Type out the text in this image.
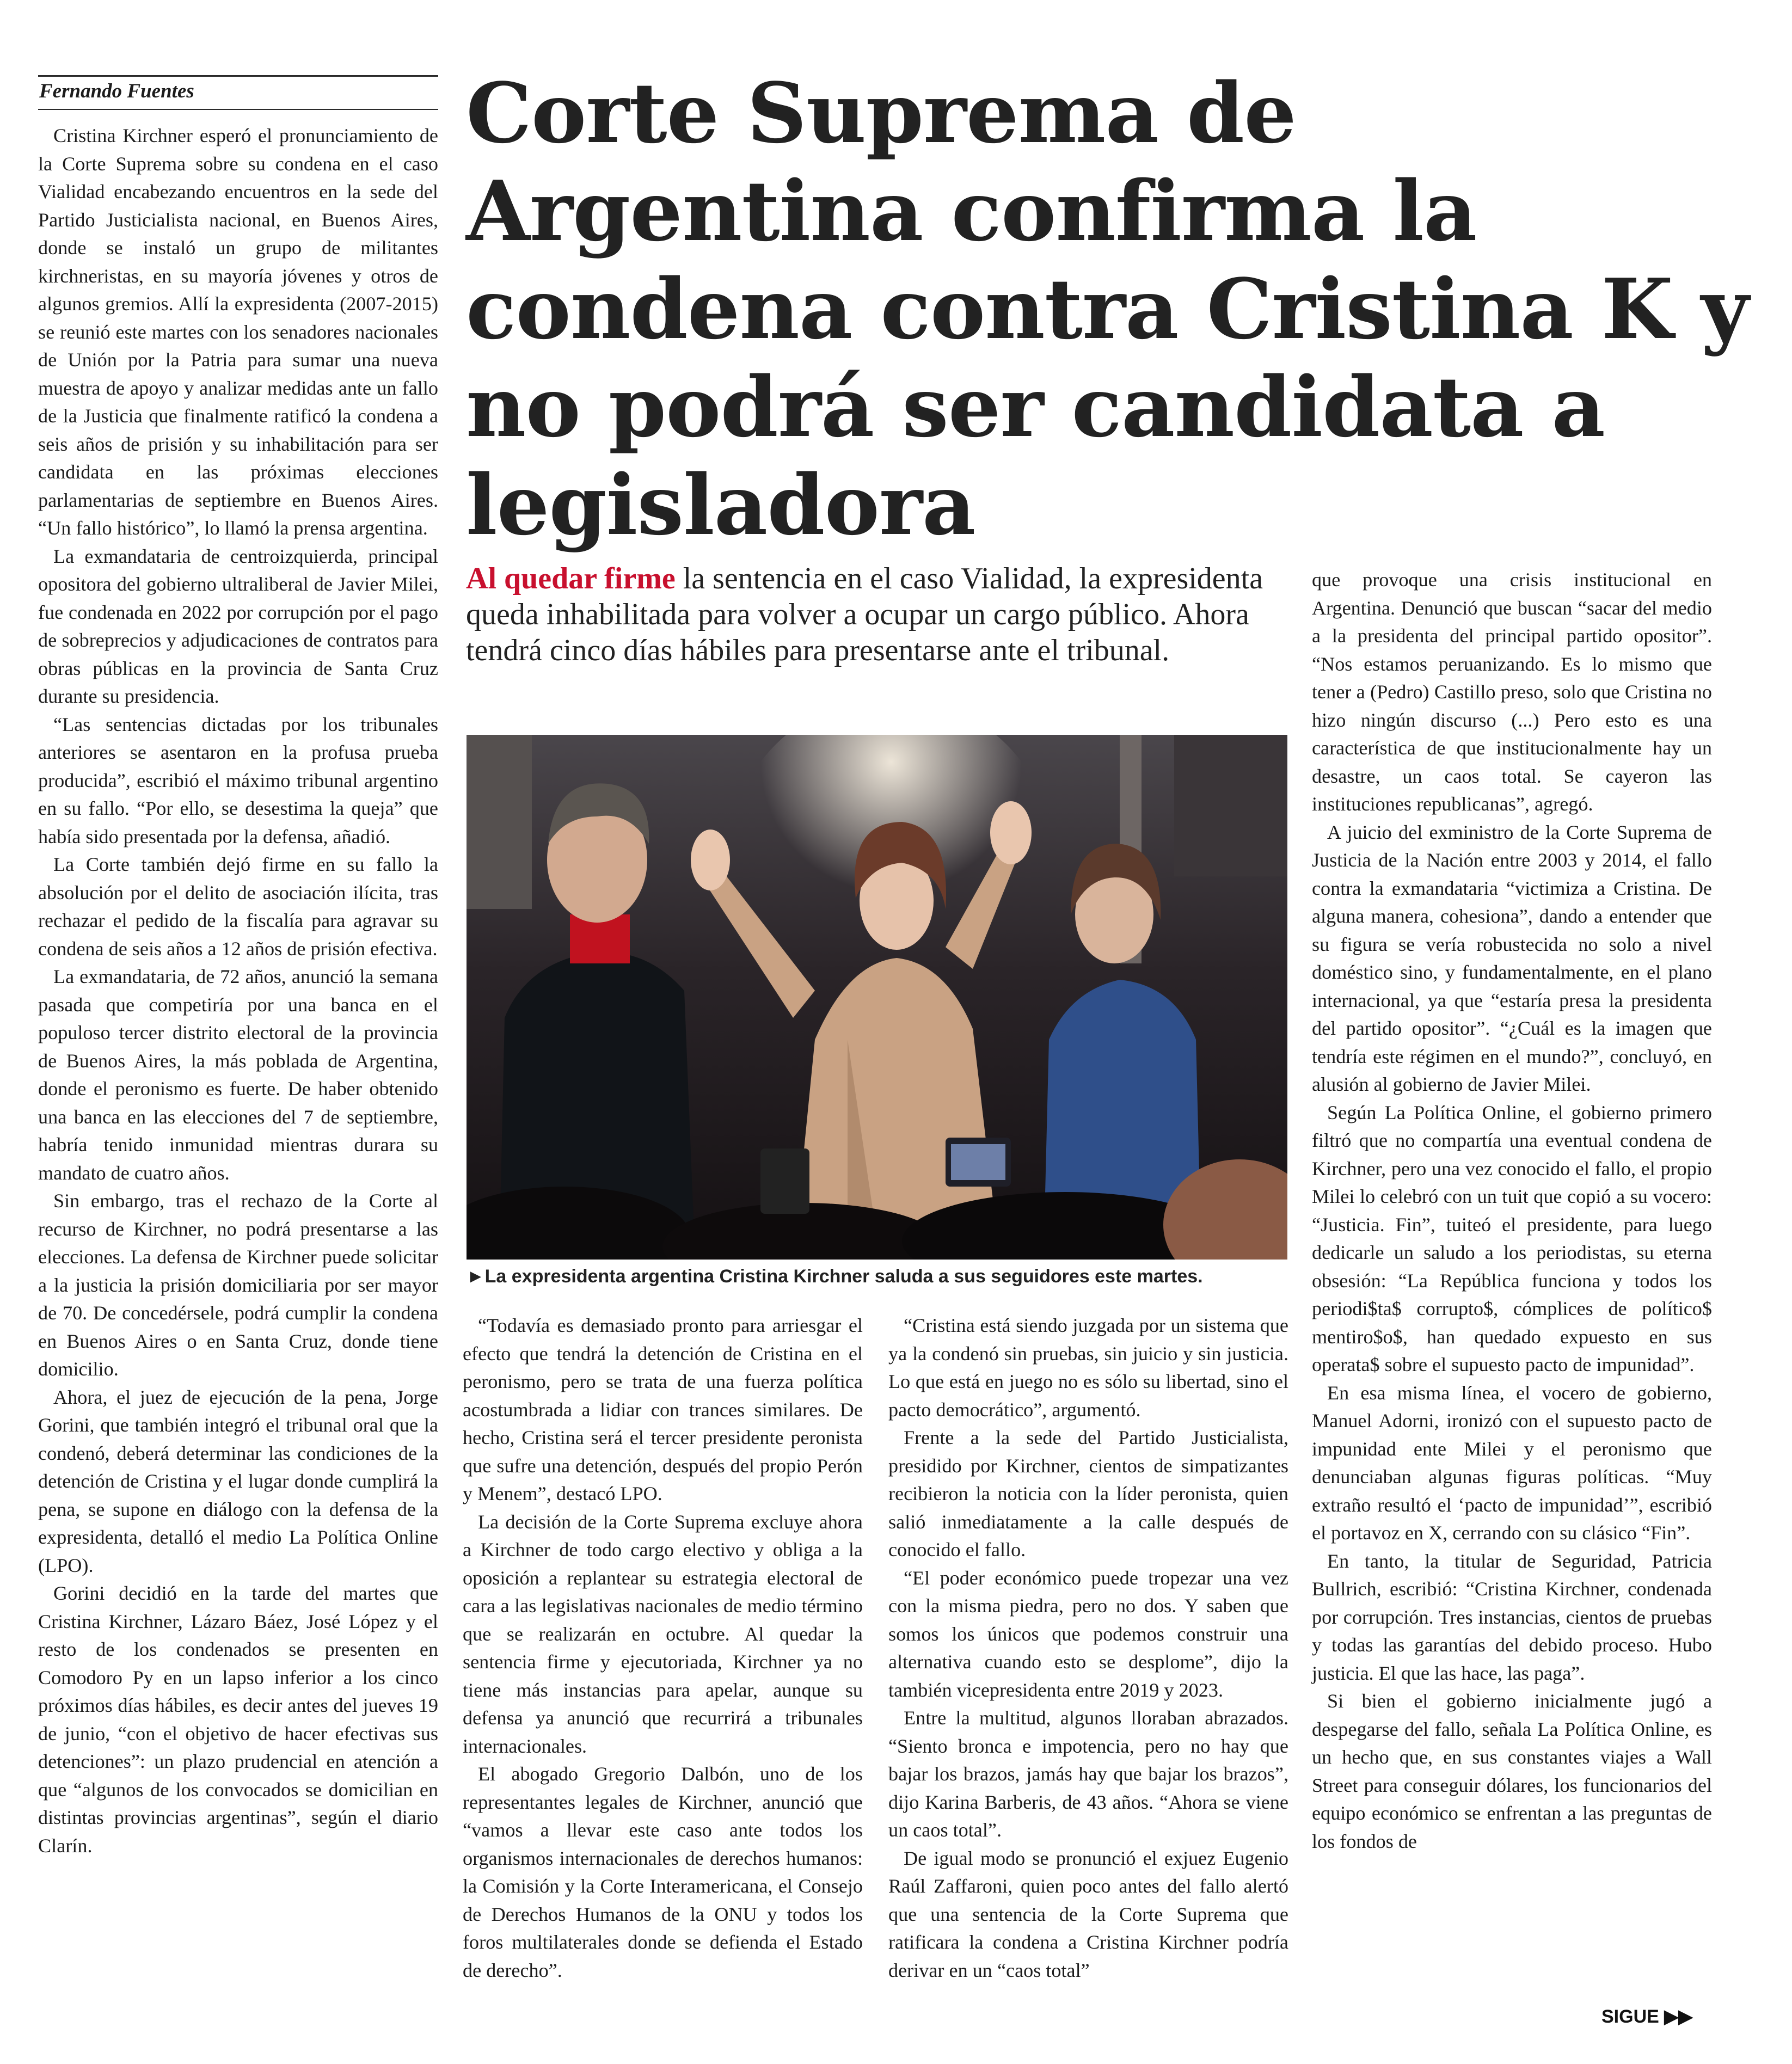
Fernando Fuentes	Corte Suprema de Argentina confirma la condena contra Cristina K y no podrá ser candidata a legisladora

Cristina Kirchner esperó el pronunciamiento de la Corte Suprema sobre su condena en el caso Vialidad encabezando encuentros en la sede del Partido Justicialista nacional, en Buenos Aires, donde se instaló un grupo de militantes kirchneristas, en su mayoría jóvenes y otros de algunos gremios. Allí la expresidenta (2007-2015) se reunió este martes con los senadores nacionales de Unión por la Patria para sumar una nueva muestra de apoyo y analizar medidas ante un fallo de la Justicia que finalmente ratificó la condena a seis años de prisión y su inhabilitación para ser candidata en las próximas elecciones parlamentarias de septiembre en Buenos Aires. “Un fallo histórico”, lo llamó la prensa argentina.

La exmandataria de centroizquierda, principal opositora del gobierno ultraliberal de Javier Milei, fue condenada en 2022 por corrupción por el pago de sobreprecios y adjudicaciones de contratos para obras públicas en la provincia de Santa Cruz durante su presidencia.

“Las sentencias dictadas por los tribunales anteriores se asentaron en la profusa prueba producida”, escribió el máximo tribunal argentino en su fallo. “Por ello, se desestima la queja” que había sido presentada por la defensa, añadió.

La Corte también dejó firme en su fallo la absolución por el delito de asociación ilícita, tras rechazar el pedido de la fiscalía para agravar su condena de seis años a 12 años de prisión efectiva.

La exmandataria, de 72 años, anunció la semana pasada que competiría por una banca en el populoso tercer distrito electoral de la provincia de Buenos Aires, la más poblada de Argentina, donde el peronismo es fuerte. De haber obtenido una banca en las elecciones del 7 de septiembre, habría tenido inmunidad mientras durara su mandato de cuatro años.

Sin embargo, tras el rechazo de la Corte al recurso de Kirchner, no podrá presentarse a las elecciones. La defensa de Kirchner puede solicitar a la justicia la prisión domiciliaria por ser mayor de 70. De concedérsele, podrá cumplir la condena en Buenos Aires o en Santa Cruz, donde tiene domicilio.

Ahora, el juez de ejecución de la pena, Jorge Gorini, que también integró el tribunal oral que la condenó, deberá determinar las condiciones de la detención de Cristina y el lugar donde cumplirá la pena, se supone en diálogo con la defensa de la expresidenta, detalló el medio La Política Online (LPO).

Gorini decidió en la tarde del martes que Cristina Kirchner, Lázaro Báez, José López y el resto de los condenados se presenten en Comodoro Py en un lapso inferior a los cinco próximos días hábiles, es decir antes del jueves 19 de junio, “con el objetivo de hacer efectivas sus detenciones”: un plazo prudencial en atención a que “algunos de los convocados se domicilian en distintas provincias argentinas”, según el diario Clarín.

Al quedar firme la sentencia en el caso Vialidad, la expresidenta queda inhabilitada para volver a ocupar un cargo público. Ahora tendrá cinco días hábiles para presentarse ante el tribunal.
►La expresidenta argentina Cristina Kirchner saluda a sus seguidores este martes.

“Todavía es demasiado pronto para arriesgar el efecto que tendrá la detención de Cristina en el peronismo, pero se trata de una fuerza política acostumbrada a lidiar con trances similares. De hecho, Cristina será el tercer presidente peronista que sufre una detención, después del propio Perón y Menem”, destacó LPO.

La decisión de la Corte Suprema excluye ahora a Kirchner de todo cargo electivo y obliga a la oposición a replantear su estrategia electoral de cara a las legislativas nacionales de medio término que se realizarán en octubre. Al quedar la sentencia firme y ejecutoriada, Kirchner ya no tiene más instancias para apelar, aunque su defensa ya anunció que recurrirá a tribunales internacionales.

El abogado Gregorio Dalbón, uno de los representantes legales de Kirchner, anunció que “vamos a llevar este caso ante todos los organismos internacionales de derechos humanos: la Comisión y la Corte Interamericana, el Consejo de Derechos Humanos de la ONU y todos los foros multilaterales donde se defienda el Estado de derecho”.

“Cristina está siendo juzgada por un sistema que ya la condenó sin pruebas, sin juicio y sin justicia. Lo que está en juego no es sólo su libertad, sino el pacto democrático”, argumentó.

Frente a la sede del Partido Justicialista, presidido por Kirchner, cientos de simpatizantes recibieron la noticia con la líder peronista, quien salió inmediatamente a la calle después de conocido el fallo.

“El poder económico puede tropezar una vez con la misma piedra, pero no dos. Y saben que somos los únicos que podemos construir una alternativa cuando esto se desplome”, dijo la también vicepresidenta entre 2019 y 2023.

Entre la multitud, algunos lloraban abrazados. “Siento bronca e impotencia, pero no hay que bajar los brazos, jamás hay que bajar los brazos”, dijo Karina Barberis, de 43 años. “Ahora se viene un caos total”.

De igual modo se pronunció el exjuez Eugenio Raúl Zaffaroni, quien poco antes del fallo alertó que una sentencia de la Corte Suprema que ratificara la condena a Cristina Kirchner podría derivar en un “caos total”

que provoque una crisis institucional en Argentina. Denunció que buscan “sacar del medio a la presidenta del principal partido opositor”. “Nos estamos peruanizando. Es lo mismo que tener a (Pedro) Castillo preso, solo que Cristina no hizo ningún discurso (...) Pero esto es una característica de que institucionalmente hay un desastre, un caos total. Se cayeron las instituciones republicanas”, agregó.

A juicio del exministro de la Corte Suprema de Justicia de la Nación entre 2003 y 2014, el fallo contra la exmandataria “victimiza a Cristina. De alguna manera, cohesiona”, dando a entender que su figura se vería robustecida no solo a nivel doméstico sino, y fundamentalmente, en el plano internacional, ya que “estaría presa la presidenta del partido opositor”. “¿Cuál es la imagen que tendría este régimen en el mundo?”, concluyó, en alusión al gobierno de Javier Milei.

Según La Política Online, el gobierno primero filtró que no compartía una eventual condena de Kirchner, pero una vez conocido el fallo, el propio Milei lo celebró con un tuit que copió a su vocero: “Justicia. Fin”, tuiteó el presidente, para luego dedicarle un saludo a los periodistas, su eterna obsesión: “La República funciona y todos los periodi$ta$ corrupto$, cómplices de político$ mentiro$o$, han quedado expuesto en sus operata$ sobre el supuesto pacto de impunidad”.

En esa misma línea, el vocero de gobierno, Manuel Adorni, ironizó con el supuesto pacto de impunidad ente Milei y el peronismo que denunciaban algunas figuras políticas. “Muy extraño resultó el ‘pacto de impunidad’”, escribió el portavoz en X, cerrando con su clásico “Fin”.

En tanto, la titular de Seguridad, Patricia Bullrich, escribió: “Cristina Kirchner, condenada por corrupción. Tres instancias, cientos de pruebas y todas las garantías del debido proceso. Hubo justicia. El que las hace, las paga”.

Si bien el gobierno inicialmente jugó a despegarse del fallo, señala La Política Online, es un hecho que, en sus constantes viajes a Wall Street para conseguir dólares, los funcionarios del equipo económico se enfrentan a las preguntas de los fondos de

SIGUE ▶▶
